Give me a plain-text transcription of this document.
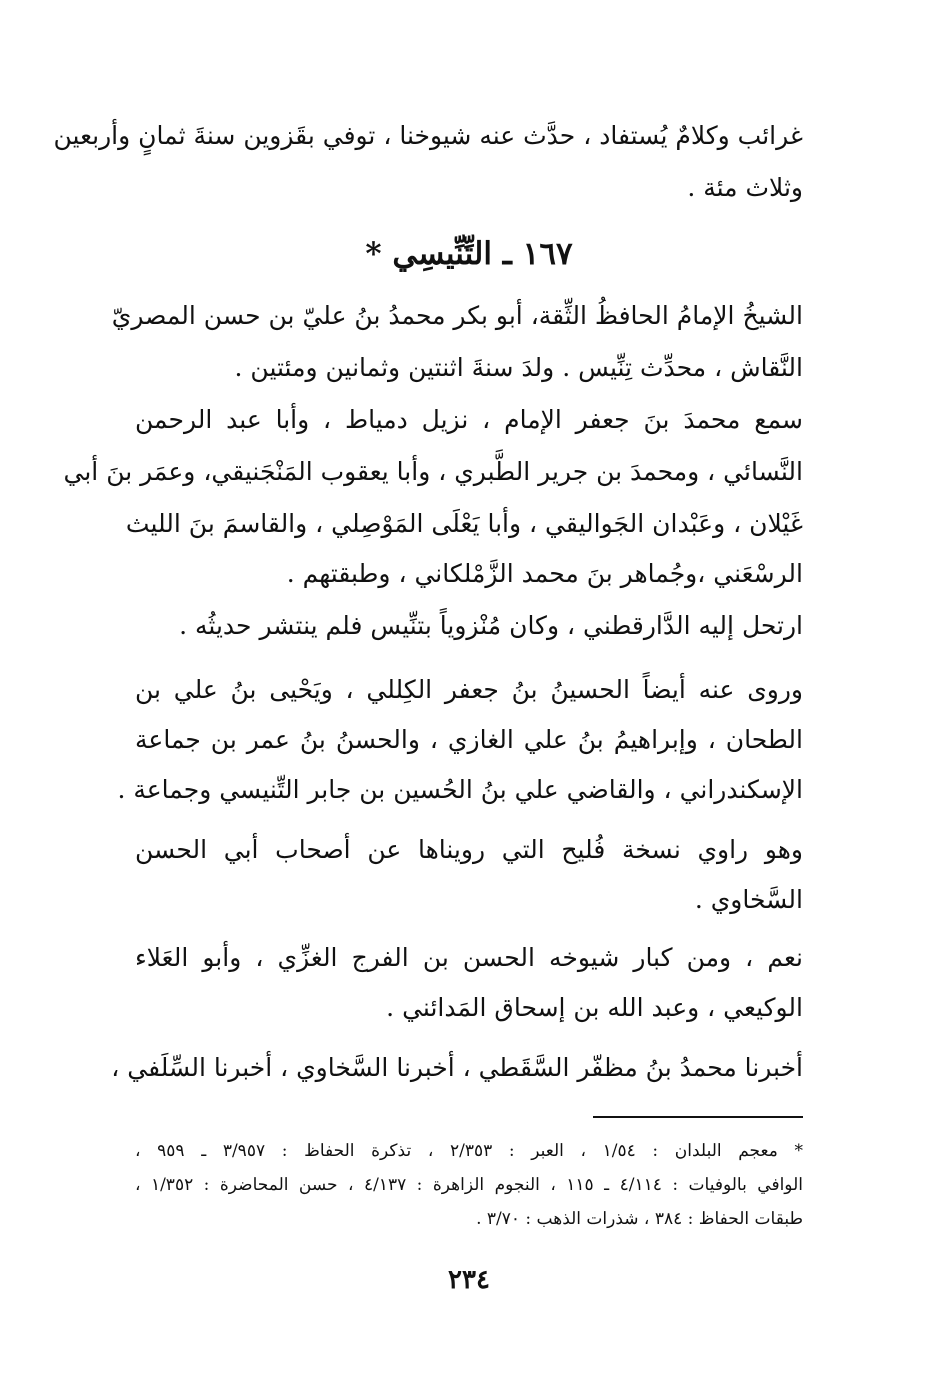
غرائب وكلامٌ يُستفاد ، حدَّث عنه شيوخنا ، توفي بقَزوين سنةَ ثمانٍ وأربعين
وثلاث مئة .
١٦٧ ـ التِّنِّيسِي *
الشيخُ الإمامُ الحافظُ الثِّقة، أبو بكر محمدُ بنُ عليّ بن حسن المصريّ
النَّقاش ، محدِّث تِنِّيس . ولدَ سنةَ اثنتين وثمانين ومئتين .
سمع محمدَ بنَ جعفر الإمام ، نزيل دمياط ، وأبا عبد الرحمن
النَّسائي ، ومحمدَ بن جرير الطَّبري ، وأبا يعقوب المَنْجَنيقي، وعمَر بنَ أبي
غَيْلان ، وعَبْدان الجَواليقي ، وأبا يَعْلَى المَوْصِلي ، والقاسمَ بنَ الليث
الرسْعَني ،وجُماهر بنَ محمد الزَّمْلكاني ، وطبقتهم .
ارتحل إليه الدَّارقطني ، وكان مُنْزوياً بتنِّيس فلم ينتشر حديثُه .
وروى عنه أيضاً الحسينُ بنُ جعفر الكِللي ، ويَحْيى بنُ علي بن
الطحان ، وإبراهيمُ بنُ علي الغازي ، والحسنُ بنُ عمر بن جماعة
الإسكندراني ، والقاضي علي بنُ الحُسين بن جابر التِّنيسي وجماعة .
وهو راوي نسخة فُليح التي رويناها عن أصحاب أبي الحسن
السَّخاوي .
نعم ، ومن كبار شيوخه الحسن بن الفرج الغزِّي ، وأبو العَلاء
الوكيعي ، وعبد الله بن إسحاق المَدائني .
أخبرنا محمدُ بنُ مظفّر السَّقَطي ، أخبرنا السَّخاوي ، أخبرنا السِّلَفي ،
* معجم البلدان : ١/٥٤ ، العبر : ٢/٣٥٣ ، تذكرة الحفاظ : ٣/٩٥٧ ـ ٩٥٩ ،
الوافي بالوفيات : ٤/١١٤ ـ ١١٥ ، النجوم الزاهرة : ٤/١٣٧ ، حسن المحاضرة : ١/٣٥٢ ،
طبقات الحفاظ : ٣٨٤ ، شذرات الذهب : ٣/٧٠ .
٢٣٤
